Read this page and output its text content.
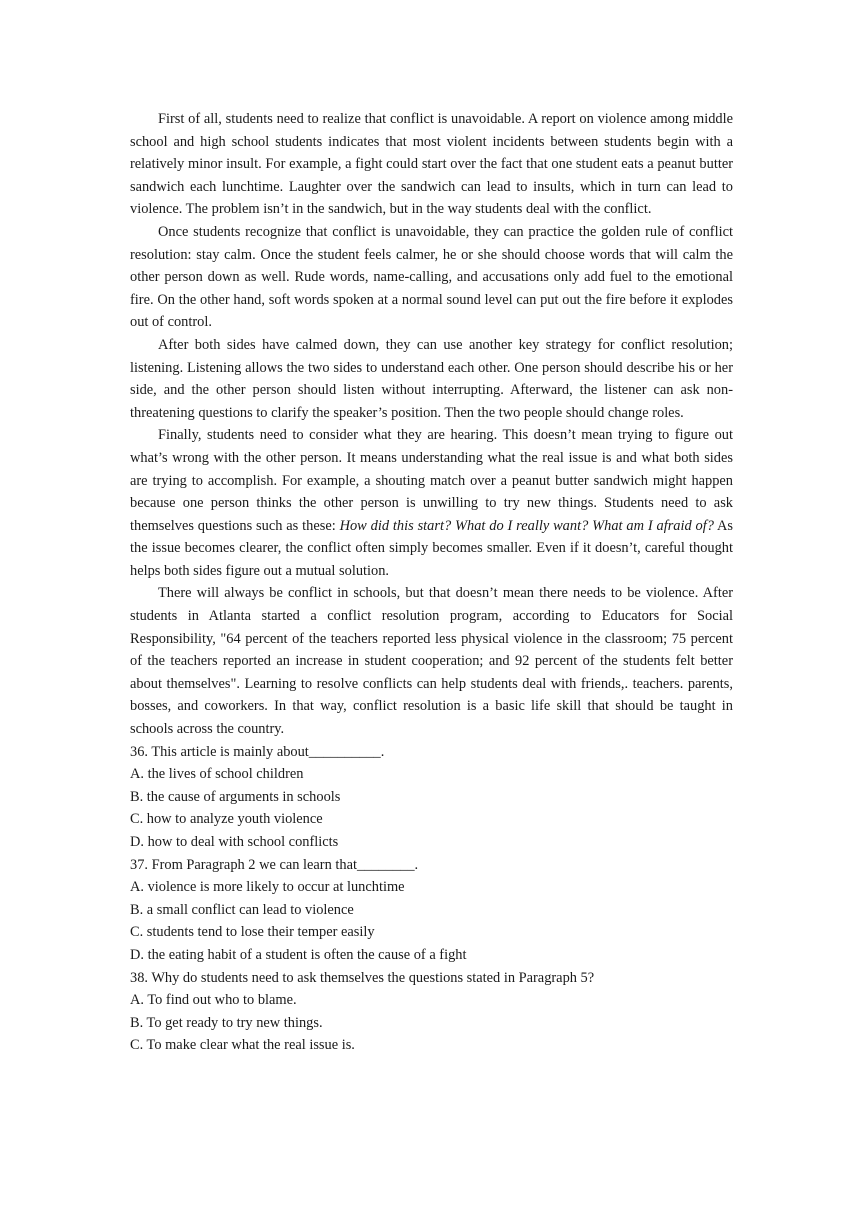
First of all, students need to realize that conflict is unavoidable. A report on violence among middle school and high school students indicates that most violent incidents between students begin with a relatively minor insult. For example, a fight could start over the fact that one student eats a peanut butter sandwich each lunchtime. Laughter over the sandwich can lead to insults, which in turn can lead to violence. The problem isn’t in the sandwich, but in the way students deal with the conflict.

Once students recognize that conflict is unavoidable, they can practice the golden rule of conflict resolution: stay calm. Once the student feels calmer, he or she should choose words that will calm the other person down as well. Rude words, name-calling, and accusations only add fuel to the emotional fire. On the other hand, soft words spoken at a normal sound level can put out the fire before it explodes out of control.

After both sides have calmed down, they can use another key strategy for conflict resolution; listening. Listening allows the two sides to understand each other. One person should describe his or her side, and the other person should listen without interrupting. Afterward, the listener can ask non-threatening questions to clarify the speaker’s position. Then the two people should change roles.

Finally, students need to consider what they are hearing. This doesn’t mean trying to figure out what’s wrong with the other person. It means understanding what the real issue is and what both sides are trying to accomplish. For example, a shouting match over a peanut butter sandwich might happen because one person thinks the other person is unwilling to try new things. Students need to ask themselves questions such as these: How did this start? What do I really want? What am I afraid of? As the issue becomes clearer, the conflict often simply becomes smaller. Even if it doesn’t, careful thought helps both sides figure out a mutual solution.

There will always be conflict in schools, but that doesn’t mean there needs to be violence. After students in Atlanta started a conflict resolution program, according to Educators for Social Responsibility, "64 percent of the teachers reported less physical violence in the classroom; 75 percent of the teachers reported an increase in student cooperation; and 92 percent of the students felt better about themselves". Learning to resolve conflicts can help students deal with friends,. teachers. parents, bosses, and coworkers. In that way, conflict resolution is a basic life skill that should be taught in schools across the country.

36. This article is mainly about__________.

A. the lives of school children

B. the cause of arguments in schools

C. how to analyze youth violence

D. how to deal with school conflicts

37. From Paragraph 2 we can learn that________.

A. violence is more likely to occur at lunchtime

B. a small conflict can lead to violence

C. students tend to lose their temper easily

D. the eating habit of a student is often the cause of a fight

38. Why do students need to ask themselves the questions stated in Paragraph 5?

A. To find out who to blame.

B. To get ready to try new things.

C. To make clear what the real issue is.
